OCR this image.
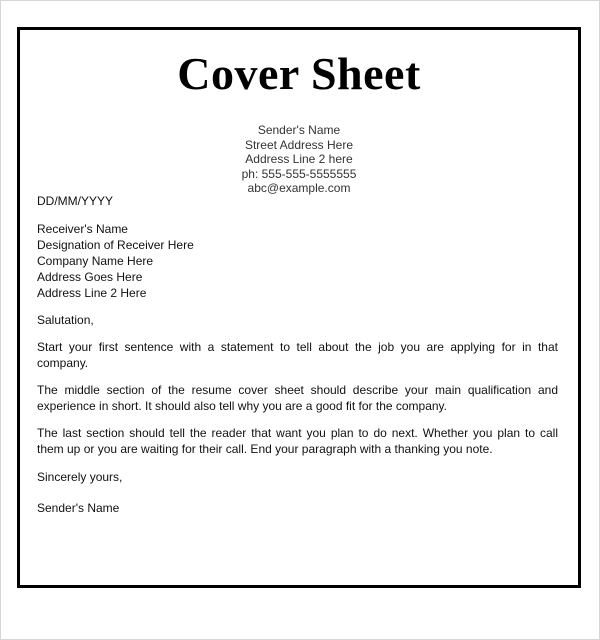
Cover Sheet
Sender's Name
Street Address Here
Address Line 2 here
ph: 555-555-5555555
abc@example.com
DD/MM/YYYY
Receiver's Name
Designation of Receiver Here
Company Name Here
Address Goes Here
Address Line 2 Here
Salutation,
Start your first sentence with a statement to tell about the job you are applying for in that company.
The middle section of the resume cover sheet should describe your main qualification and experience in short. It should also tell why you are a good fit for the company.
The last section should tell the reader that want you plan to do next. Whether you plan to call them up or you are waiting for their call. End your paragraph with a thanking you note.
Sincerely yours,
Sender's Name
